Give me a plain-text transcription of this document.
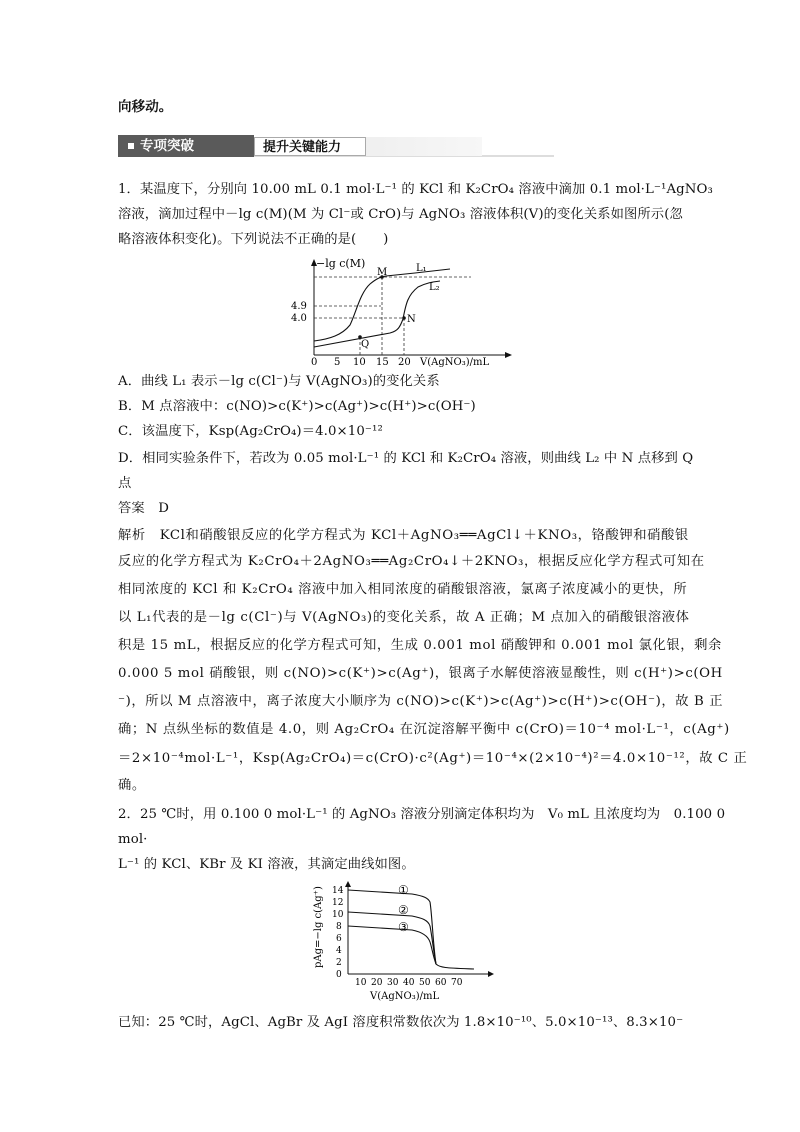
向移动。
专项突破	提升关键能力
1．某温度下，分别向 10.00 mL 0.1 mol·L⁻¹ 的 KCl 和 K₂CrO₄ 溶液中滴加 0.1 mol·L⁻¹AgNO₃
溶液，滴加过程中－lg c(M)(M 为 Cl⁻或 CrO)与 AgNO₃ 溶液体积(V)的变化关系如图所示(忽
略溶液体积变化)。下列说法不正确的是(　　)
−lg c(M)
4.9
4.0
0 5 10 15 20 V(AgNO₃)/mL
L₁
L₂
M
N
Q
A．曲线 L₁ 表示－lg c(Cl⁻)与 V(AgNO₃)的变化关系
B．M 点溶液中：c(NO)>c(K⁺)>c(Ag⁺)>c(H⁺)>c(OH⁻)
C．该温度下，Ksp(Ag₂CrO₄)＝4.0×10⁻¹²
D．相同实验条件下，若改为 0.05 mol·L⁻¹ 的 KCl 和 K₂CrO₄ 溶液，则曲线 L₂ 中 N 点移到 Q
点
答案　D
解析　KCl和硝酸银反应的化学方程式为 KCl＋AgNO₃══AgCl↓＋KNO₃，铬酸钾和硝酸银
反应的化学方程式为 K₂CrO₄＋2AgNO₃══Ag₂CrO₄↓＋2KNO₃，根据反应化学方程式可知在
相同浓度的 KCl 和 K₂CrO₄ 溶液中加入相同浓度的硝酸银溶液，氯离子浓度减小的更快，所
以 L₁代表的是－lg c(Cl⁻)与 V(AgNO₃)的变化关系，故 A 正确；M 点加入的硝酸银溶液体
积是 15 mL，根据反应的化学方程式可知，生成 0.001 mol 硝酸钾和 0.001 mol 氯化银，剩余
0.000 5 mol 硝酸银，则 c(NO)>c(K⁺)>c(Ag⁺)，银离子水解使溶液显酸性，则 c(H⁺)>c(OH
⁻)，所以 M 点溶液中，离子浓度大小顺序为 c(NO)>c(K⁺)>c(Ag⁺)>c(H⁺)>c(OH⁻)，故 B 正
确；N 点纵坐标的数值是 4.0，则 Ag₂CrO₄ 在沉淀溶解平衡中 c(CrO)＝10⁻⁴ mol·L⁻¹，c(Ag⁺)
＝2×10⁻⁴mol·L⁻¹，Ksp(Ag₂CrO₄)＝c(CrO)·c²(Ag⁺)＝10⁻⁴×(2×10⁻⁴)²＝4.0×10⁻¹²，故 C 正
确。
2．25 ℃时，用 0.100 0 mol·L⁻¹ 的 AgNO₃ 溶液分别滴定体积均为　V₀ mL 且浓度均为　0.100 0
mol·
L⁻¹ 的 KCl、KBr 及 KI 溶液，其滴定曲线如图。
pAg=−lg c(Ag⁺)
0
2
4
6
8
10
12
14	①
②
③
10 20 30 40 50 60 70
V(AgNO₃)/mL
已知：25 ℃时，AgCl、AgBr 及 AgI 溶度积常数依次为 1.8×10⁻¹⁰、5.0×10⁻¹³、8.3×10⁻
